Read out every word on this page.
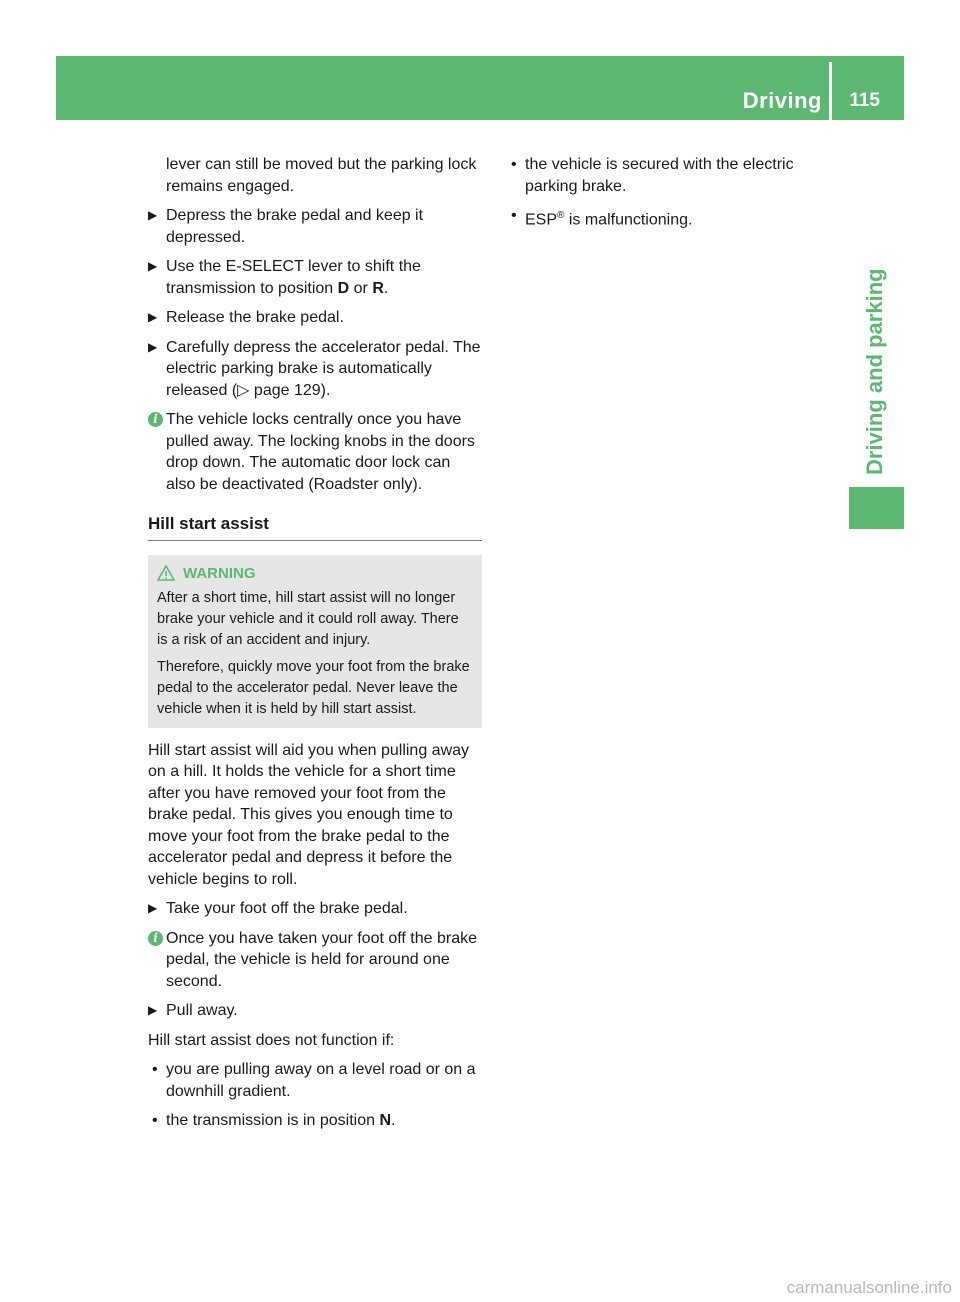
Driving 115
Driving and parking

lever can still be moved but the parking lock remains engaged.

▶ Depress the brake pedal and keep it depressed.
▶ Use the E-SELECT lever to shift the transmission to position D or R.
▶ Release the brake pedal.
▶ Carefully depress the accelerator pedal. The electric parking brake is automatically released (▷ page 129).
i The vehicle locks centrally once you have pulled away. The locking knobs in the doors drop down. The automatic door lock can also be deactivated (Roadster only).
Hill start assist
WARNING

After a short time, hill start assist will no longer brake your vehicle and it could roll away. There is a risk of an accident and injury.

Therefore, quickly move your foot from the brake pedal to the accelerator pedal. Never leave the vehicle when it is held by hill start assist.

Hill start assist will aid you when pulling away on a hill. It holds the vehicle for a short time after you have removed your foot from the brake pedal. This gives you enough time to move your foot from the brake pedal to the accelerator pedal and depress it before the vehicle begins to roll.

▶ Take your foot off the brake pedal.
i Once you have taken your foot off the brake pedal, the vehicle is held for around one second.
▶ Pull away.

Hill start assist does not function if:

• you are pulling away on a level road or on a downhill gradient.
• the transmission is in position N.
• the vehicle is secured with the electric parking brake.
• ESP® is malfunctioning.
carmanualsonline.info
